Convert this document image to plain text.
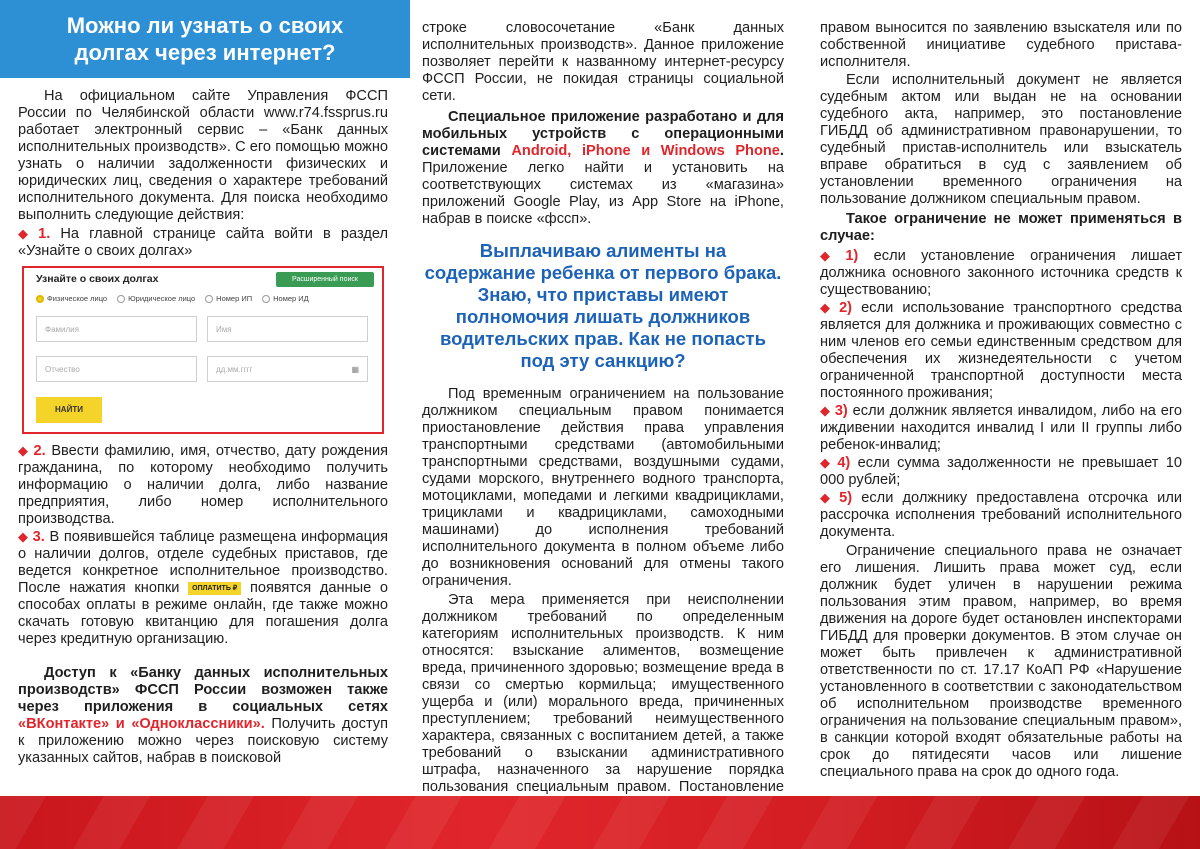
Можно ли узнать о своих долгах через интернет?

На официальном сайте Управления ФССП России по Челябинской области www.r74.fssprus.ru работает электронный сервис – «Банк данных исполнительных производств». С его помощью можно узнать о наличии задолженности физических и юридических лиц, сведения о характере требований исполнительного документа. Для поиска необходимо выполнить следующие действия:

◆ 1. На главной странице сайта войти в раздел «Узнайте о своих долгах»

Узнайте о своих долгах	Расширенный поиск
Физическое лицо	Юридическое лицо	Номер ИП	Номер ИД
Фамилия	Имя
Отчество	дд.мм.гггг	▦
НАЙТИ

◆ 2. Ввести фамилию, имя, отчество, дату рождения гражданина, по которому необходимо получить информацию о наличии долга, либо название предприятия, либо номер исполнительного производства.

◆ 3. В появившейся таблице размещена информация о наличии долгов, отделе судебных приставов, где ведется конкретное исполнительное производство. После нажатия кнопки ОПЛАТИТЬ ₽ появятся данные о способах оплаты в режиме онлайн, где также можно скачать готовую квитанцию для погашения долга через кредитную организацию.

Доступ к «Банку данных исполнительных производств» ФССП России возможен также через приложения в социальных сетях «ВКонтакте» и «Одноклассники». Получить доступ к приложению можно через поисковую систему указанных сайтов, набрав в поисковой

строке словосочетание «Банк данных исполнительных производств». Данное приложение позволяет перейти к названному интернет-ресурсу ФССП России, не покидая страницы социальной сети.

Специальное приложение разработано и для мобильных устройств с операционными системами Android, iPhone и Windows Phone. Приложение легко найти и установить на соответствующих системах из «магазина» приложений Google Play, из App Store на iPhone, набрав в поиске «фссп».

Выплачиваю алименты на содержание ребенка от первого брака. Знаю, что приставы имеют полномочия лишать должников водительских прав. Как не попасть под эту санкцию?

Под временным ограничением на пользование должником специальным правом понимается приостановление действия права управления транспортными средствами (автомобильными транспортными средствами, воздушными судами, судами морского, внутреннего водного транспорта, мотоциклами, мопедами и легкими квадрициклами, трициклами и квадрициклами, самоходными машинами) до исполнения требований исполнительного документа в полном объеме либо до возникновения оснований для отмены такого ограничения.

Эта мера применяется при неисполнении должником требований по определенным категориям исполнительных производств. К ним относятся: взыскание алиментов, возмещение вреда, причиненного здоровью; возмещение вреда в связи со смертью кормильца; имущественного ущерба и (или) морального вреда, причиненных преступлением; требований неимущественного характера, связанных с воспитанием детей, а также требований о взыскании административного штрафа, назначенного за нарушение порядка пользования специальным правом. Постановление

правом выносится по заявлению взыскателя или по собственной инициативе судебного пристава-исполнителя.

Если исполнительный документ не является судебным актом или выдан не на основании судебного акта, например, это постановление ГИБДД об административном правонарушении, то судебный пристав-исполнитель или взыскатель вправе обратиться в суд с заявлением об установлении временного ограничения на пользование должником специальным правом.

Такое ограничение не может применяться в случае:

◆ 1) если установление ограничения лишает должника основного законного источника средств к существованию;

◆ 2) если использование транспортного средства является для должника и проживающих совместно с ним членов его семьи единственным средством для обеспечения их жизнедеятельности с учетом ограниченной транспортной доступности места постоянного проживания;

◆ 3) если должник является инвалидом, либо на его иждивении находится инвалид I или II группы либо ребенок-инвалид;

◆ 4) если сумма задолженности не превышает 10 000 рублей;

◆ 5) если должнику предоставлена отсрочка или рассрочка исполнения требований исполнительного документа.

Ограничение специального права не означает его лишения. Лишить права может суд, если должник будет уличен в нарушении режима пользования этим правом, например, во время движения на дороге будет остановлен инспекторами ГИБДД для проверки документов. В этом случае он может быть привлечен к административной ответственности по ст. 17.17 КоАП РФ «Нарушение установленного в соответствии с законодательством об исполнительном производстве временного ограничения на пользование специальным правом», в санкции которой входят обязательные работы на срок до пятидесяти часов или лишение специального права на срок до одного года.
